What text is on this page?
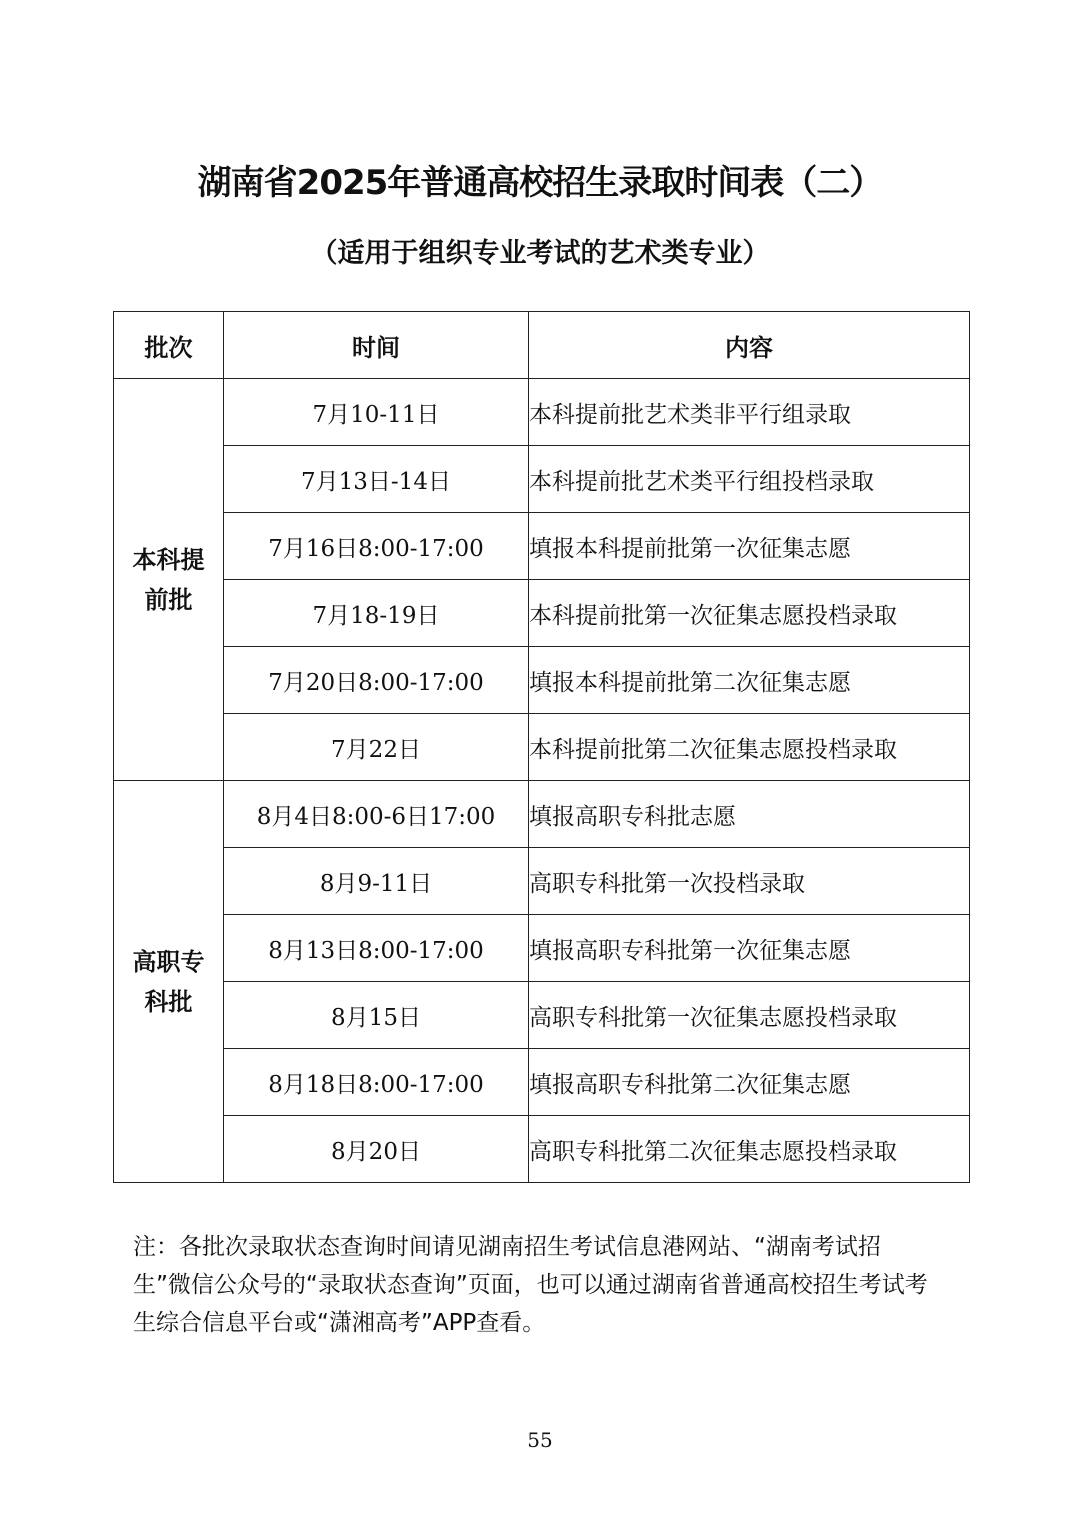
湖南省2025年普通高校招生录取时间表（二）
（适用于组织专业考试的艺术类专业）
批次	时间	内容
本科提前批	7月10-11日	本科提前批艺术类非平行组录取
	7月13日-14日	本科提前批艺术类平行组投档录取
	7月16日8:00-17:00	填报本科提前批第一次征集志愿
	7月18-19日	本科提前批第一次征集志愿投档录取
	7月20日8:00-17:00	填报本科提前批第二次征集志愿
	7月22日	本科提前批第二次征集志愿投档录取
高职专科批	8月4日8:00-6日17:00	填报高职专科批志愿
	8月9-11日	高职专科批第一次投档录取
	8月13日8:00-17:00	填报高职专科批第一次征集志愿
	8月15日	高职专科批第一次征集志愿投档录取
	8月18日8:00-17:00	填报高职专科批第二次征集志愿
	8月20日	高职专科批第二次征集志愿投档录取
注：各批次录取状态查询时间请见湖南招生考试信息港网站、“湖南考试招生”微信公众号的“录取状态查询”页面，也可以通过湖南省普通高校招生考试考生综合信息平台或“潇湘高考”APP查看。
55
